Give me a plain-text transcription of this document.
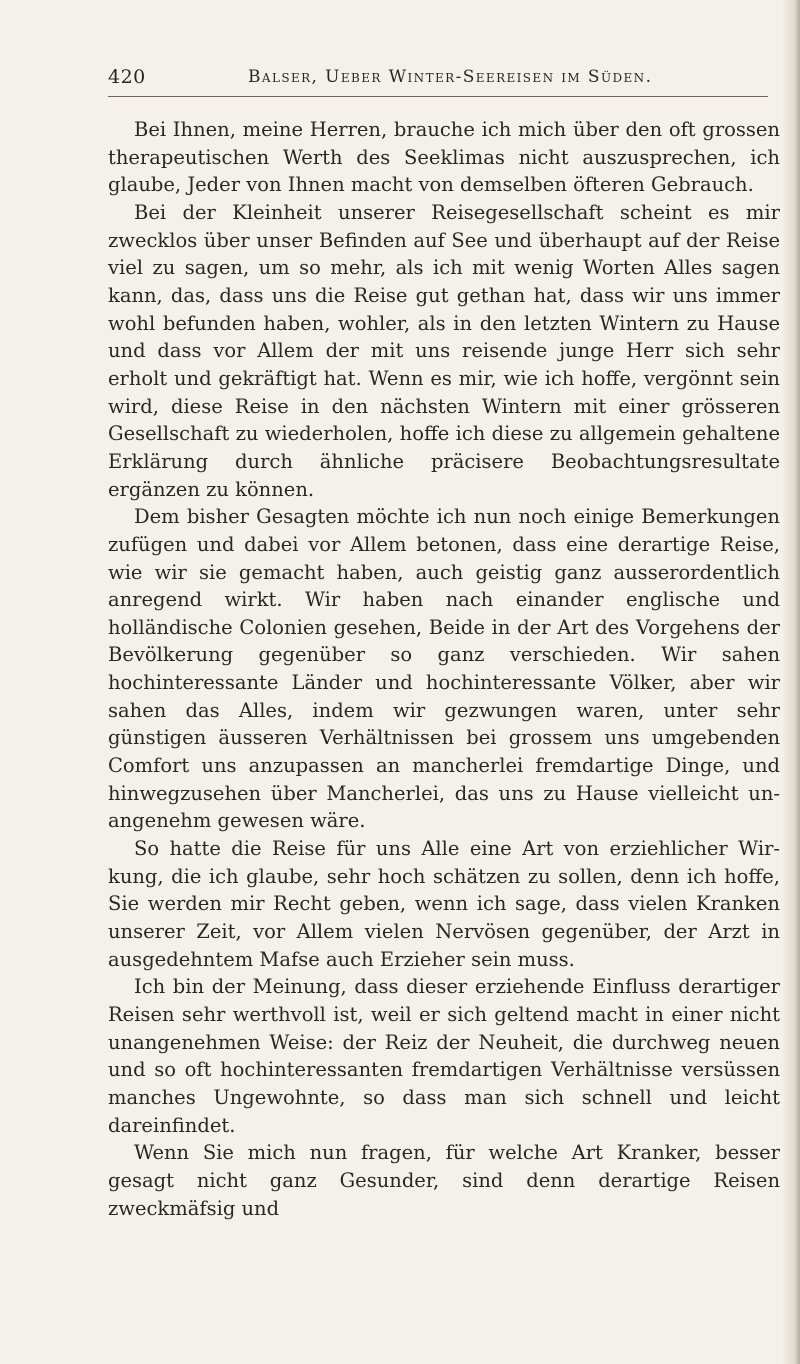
420	Balser, Ueber Winter-Seereisen im Süden.

Bei Ihnen, meine Herren, brauche ich mich über den oft grossen therapeutischen Werth des Seeklimas nicht auszusprechen, ich glaube, Jeder von Ihnen macht von demselben öfteren Gebrauch.

Bei der Kleinheit unserer Reisegesellschaft scheint es mir zwecklos über unser Befinden auf See und überhaupt auf der Reise viel zu sagen, um so mehr, als ich mit wenig Worten Alles sagen kann, das, dass uns die Reise gut gethan hat, dass wir uns immer wohl befunden haben, wohler, als in den letzten Wintern zu Hause und dass vor Allem der mit uns reisende junge Herr sich sehr erholt und gekräftigt hat. Wenn es mir, wie ich hoffe, vergönnt sein wird, diese Reise in den nächsten Wintern mit einer grösseren Gesellschaft zu wiederholen, hoffe ich diese zu allgemein gehaltene Erklärung durch ähnliche präcisere Beobachtungsresultate ergänzen zu können.

Dem bisher Gesagten möchte ich nun noch einige Bemerkungen zufügen und dabei vor Allem betonen, dass eine derartige Reise, wie wir sie gemacht haben, auch geistig ganz ausserordentlich anregend wirkt. Wir haben nach einander englische und holländische Colonien gesehen, Beide in der Art des Vorgehens der Bevölkerung gegenüber so ganz verschieden. Wir sahen hochinteressante Länder und hochinteressante Völker, aber wir sahen das Alles, indem wir gezwungen waren, unter sehr günstigen äusseren Verhältnissen bei grossem uns umgebenden Comfort uns anzupassen an mancherlei fremdartige Dinge, und hinwegzusehen über Mancherlei, das uns zu Hause vielleicht unangenehm gewesen wäre.

So hatte die Reise für uns Alle eine Art von erziehlicher Wirkung, die ich glaube, sehr hoch schätzen zu sollen, denn ich hoffe, Sie werden mir Recht geben, wenn ich sage, dass vielen Kranken unserer Zeit, vor Allem vielen Nervösen gegenüber, der Arzt in ausgedehntem Mafse auch Erzieher sein muss.

Ich bin der Meinung, dass dieser erziehende Einfluss derartiger Reisen sehr werthvoll ist, weil er sich geltend macht in einer nicht unangenehmen Weise: der Reiz der Neuheit, die durchweg neuen und so oft hochinteressanten fremdartigen Verhältnisse versüssen manches Ungewohnte, so dass man sich schnell und leicht dareinfindet.

Wenn Sie mich nun fragen, für welche Art Kranker, besser gesagt nicht ganz Gesunder, sind denn derartige Reisen zweckmäfsig und
